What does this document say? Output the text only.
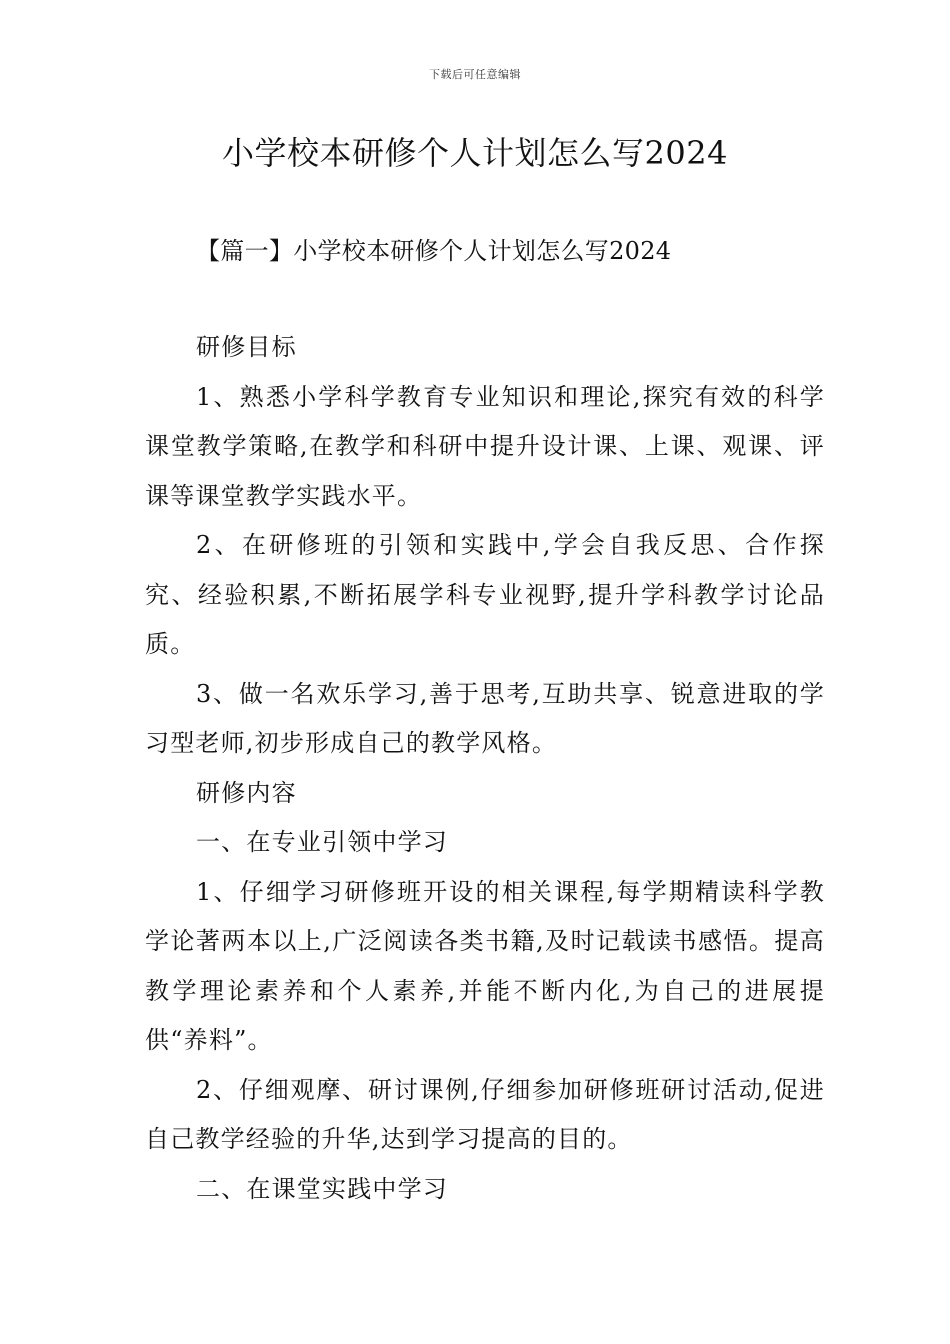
下载后可任意编辑
小学校本研修个人计划怎么写2024
【篇一】小学校本研修个人计划怎么写2024

研修目标

1、熟悉小学科学教育专业知识和理论,探究有效的科学课堂教学策略,在教学和科研中提升设计课、上课、观课、评课等课堂教学实践水平。

2、在研修班的引领和实践中,学会自我反思、合作探究、经验积累,不断拓展学科专业视野,提升学科教学讨论品质。

3、做一名欢乐学习,善于思考,互助共享、锐意进取的学习型老师,初步形成自己的教学风格。

研修内容

一、在专业引领中学习

1、仔细学习研修班开设的相关课程,每学期精读科学教学论著两本以上,广泛阅读各类书籍,及时记载读书感悟。提高教学理论素养和个人素养,并能不断内化,为自己的进展提供“养料”。

2、仔细观摩、研讨课例,仔细参加研修班研讨活动,促进自己教学经验的升华,达到学习提高的目的。

二、在课堂实践中学习
